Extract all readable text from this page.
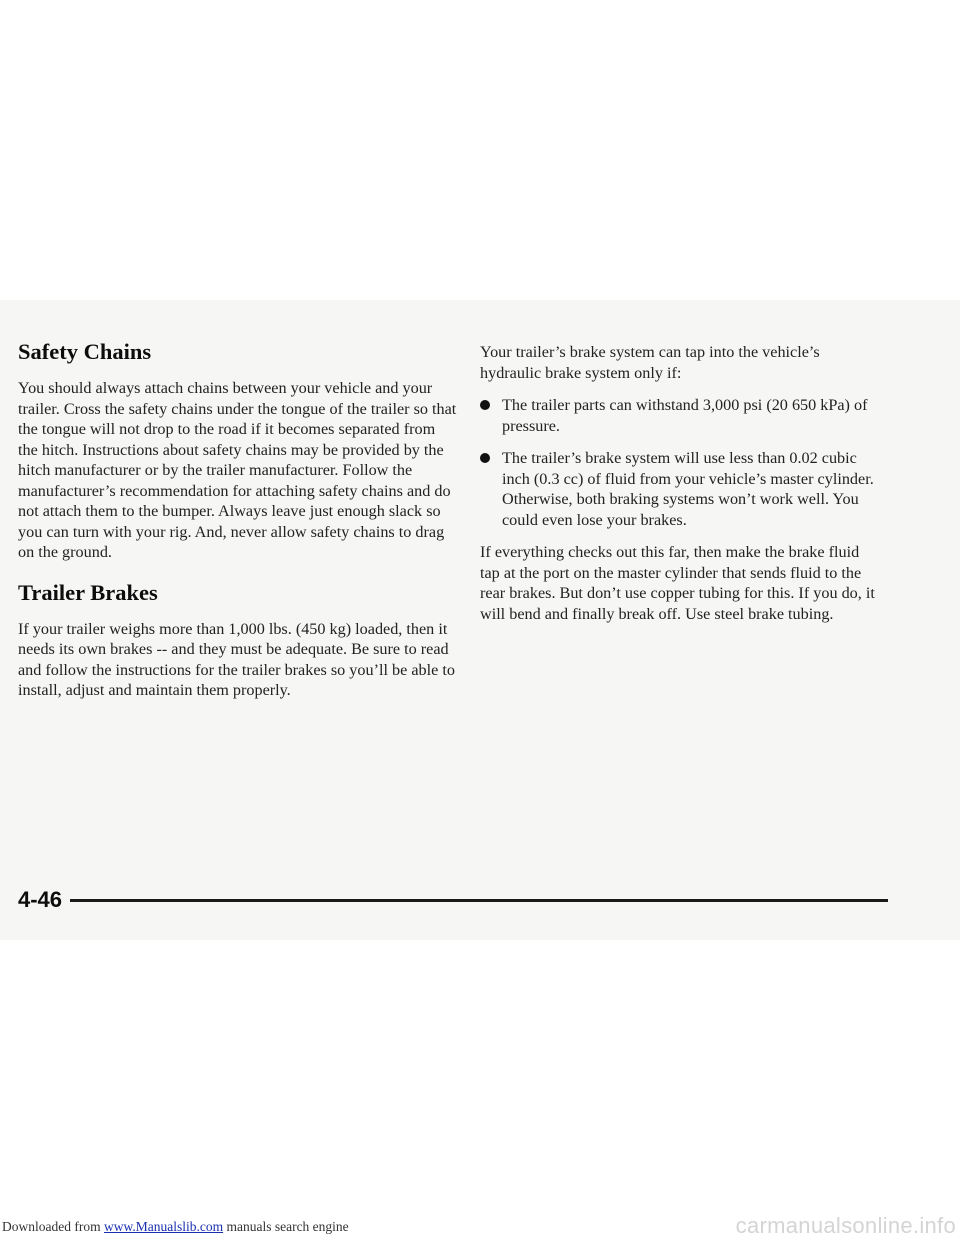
Safety Chains

You should always attach chains between your vehicle and your trailer. Cross the safety chains under the tongue of the trailer so that the tongue will not drop to the road if it becomes separated from the hitch. Instructions about safety chains may be provided by the hitch manufacturer or by the trailer manufacturer. Follow the manufacturer’s recommendation for attaching safety chains and do not attach them to the bumper. Always leave just enough slack so you can turn with your rig. And, never allow safety chains to drag on the ground.

Trailer Brakes

If your trailer weighs more than 1,000 lbs. (450 kg) loaded, then it needs its own brakes -- and they must be adequate. Be sure to read and follow the instructions for the trailer brakes so you’ll be able to install, adjust and maintain them properly.

Your trailer’s brake system can tap into the vehicle’s hydraulic brake system only if:

The trailer parts can withstand 3,000 psi (20 650 kPa) of pressure.
The trailer’s brake system will use less than 0.02 cubic inch (0.3 cc) of fluid from your vehicle’s master cylinder. Otherwise, both braking systems won’t work well. You could even lose your brakes.

If everything checks out this far, then make the brake fluid tap at the port on the master cylinder that sends fluid to the rear brakes. But don’t use copper tubing for this. If you do, it will bend and finally break off. Use steel brake tubing.

4-46
Downloaded from www.Manualslib.com manuals search engine	carmanualsonline.info
